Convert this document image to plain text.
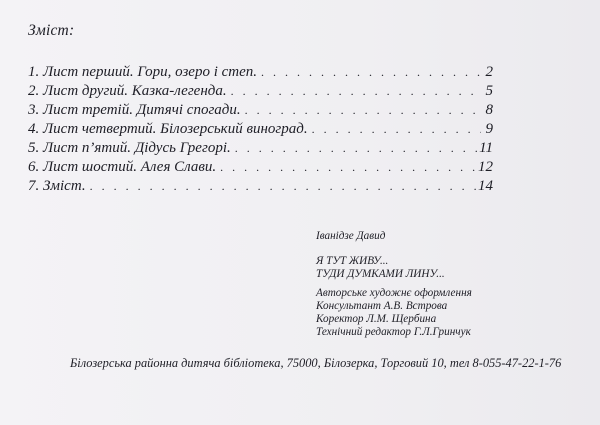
Зміст:
1. Лист перший. Гори, озеро і степ. . . .	2
2. Лист другий. Казка-легенда. . . .	5
3. Лист третій. Дитячі спогади. . . .	8
4. Лист четвертий. Білозерський виноград. . . .	9
5. Лист п’ятий. Дідусь Грегорі. . . .	11
6. Лист шостий. Алея Слави. . . .	12
7. Зміст. . . .	14
Іванідзе Давид
Я ТУТ ЖИВУ...
ТУДИ ДУМКАМИ ЛИНУ...
Авторське художнє оформлення
Консультант А.В. Встрова
Коректор Л.М. Щербина
Технічний редактор Г.Л.Гринчук
Білозерська районна дитяча бібліотека, 75000, Білозерка, Торговий 10, тел 8-055-47-22-1-76
